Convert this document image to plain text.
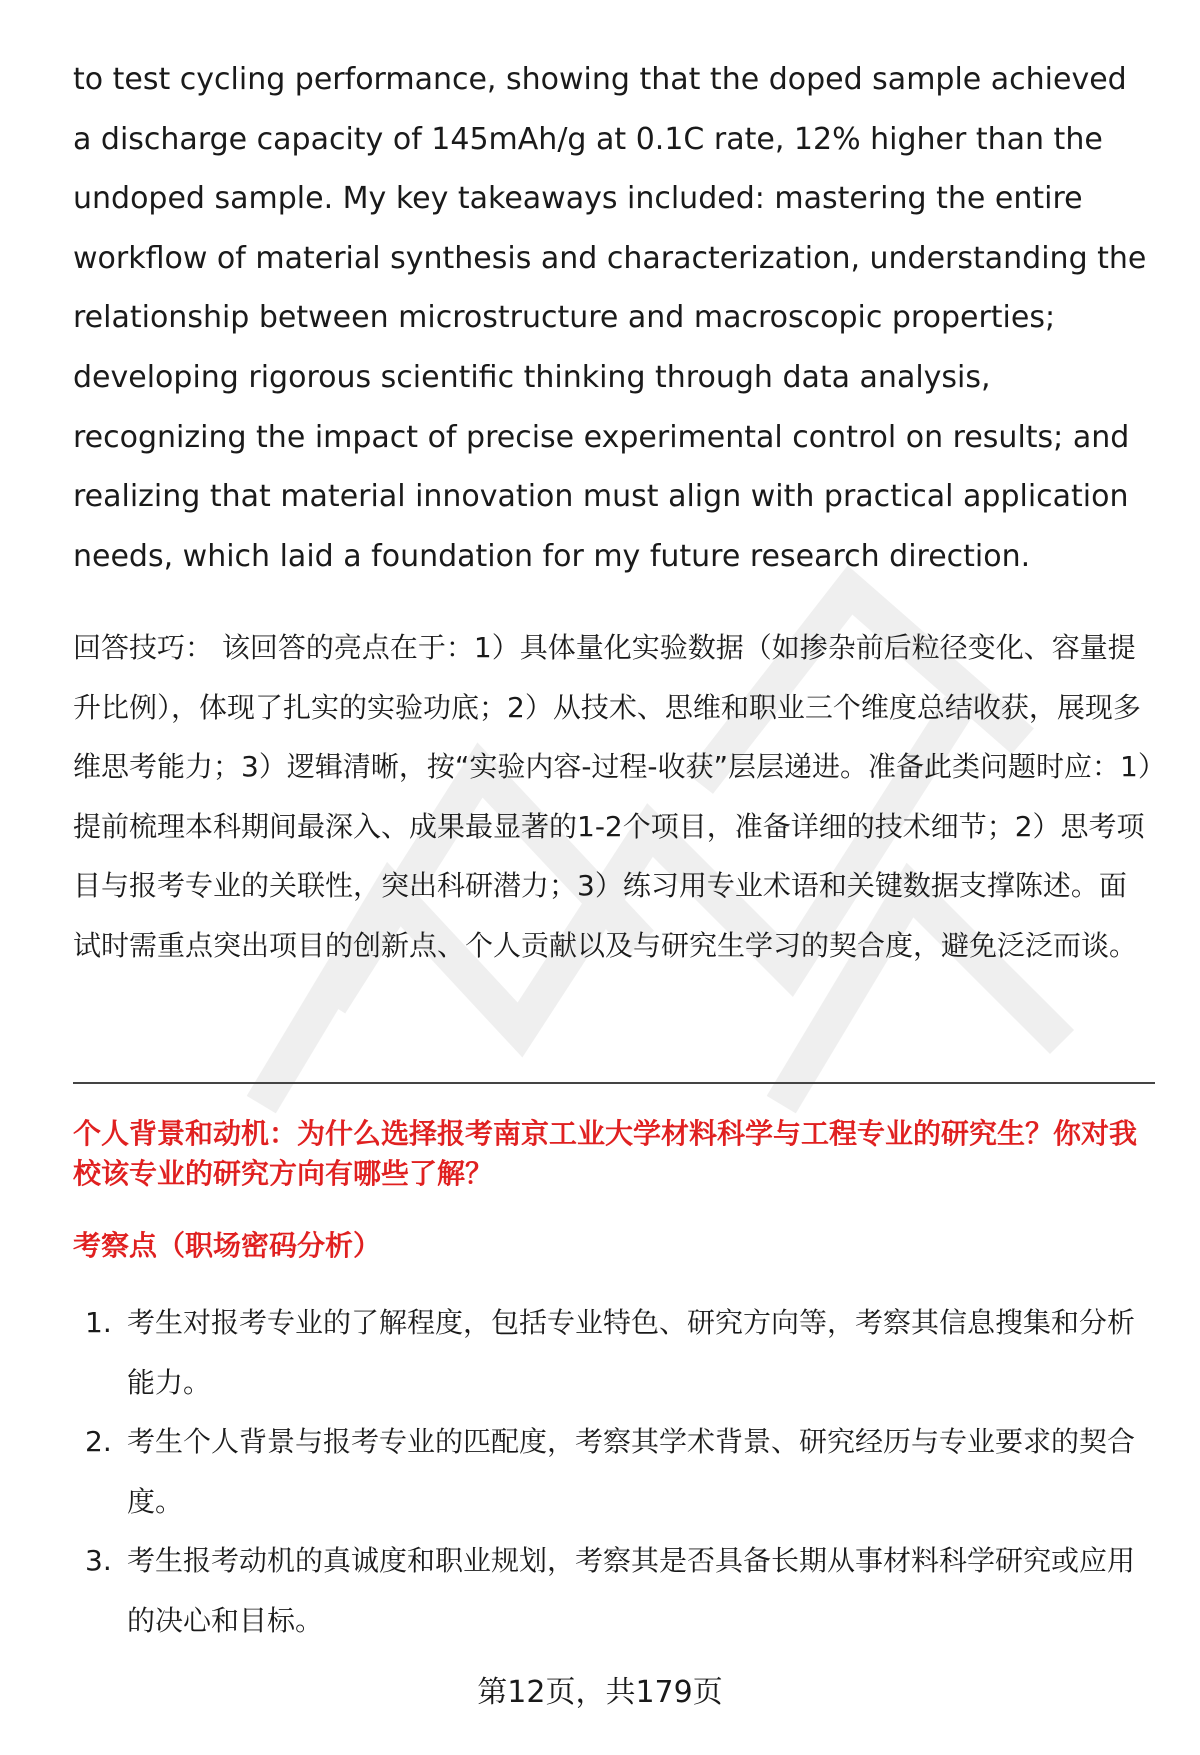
to test cycling performance, showing that the doped sample achieved a discharge capacity of 145mAh/g at 0.1C rate, 12% higher than the undoped sample. My key takeaways included: mastering the entire workflow of material synthesis and characterization, understanding the relationship between microstructure and macroscopic properties; developing rigorous scientific thinking through data analysis, recognizing the impact of precise experimental control on results; and realizing that material innovation must align with practical application needs, which laid a foundation for my future research direction.

回答技巧： 该回答的亮点在于：1）具体量化实验数据（如掺杂前后粒径变化、容量提升比例），体现了扎实的实验功底；2）从技术、思维和职业三个维度总结收获，展现多维思考能力；3）逻辑清晰，按“实验内容-过程-收获”层层递进。准备此类问题时应：1）提前梳理本科期间最深入、成果最显著的1-2个项目，准备详细的技术细节；2）思考项目与报考专业的关联性，突出科研潜力；3）练习用专业术语和关键数据支撑陈述。面试时需重点突出项目的创新点、个人贡献以及与研究生学习的契合度，避免泛泛而谈。

个人背景和动机：为什么选择报考南京工业大学材料科学与工程专业的研究生？你对我校该专业的研究方向有哪些了解？

考察点（职场密码分析）

1. 考生对报考专业的了解程度，包括专业特色、研究方向等，考察其信息搜集和分析能力。
2. 考生个人背景与报考专业的匹配度，考察其学术背景、研究经历与专业要求的契合度。
3. 考生报考动机的真诚度和职业规划，考察其是否具备长期从事材料科学研究或应用的决心和目标。
第12页，共179页
